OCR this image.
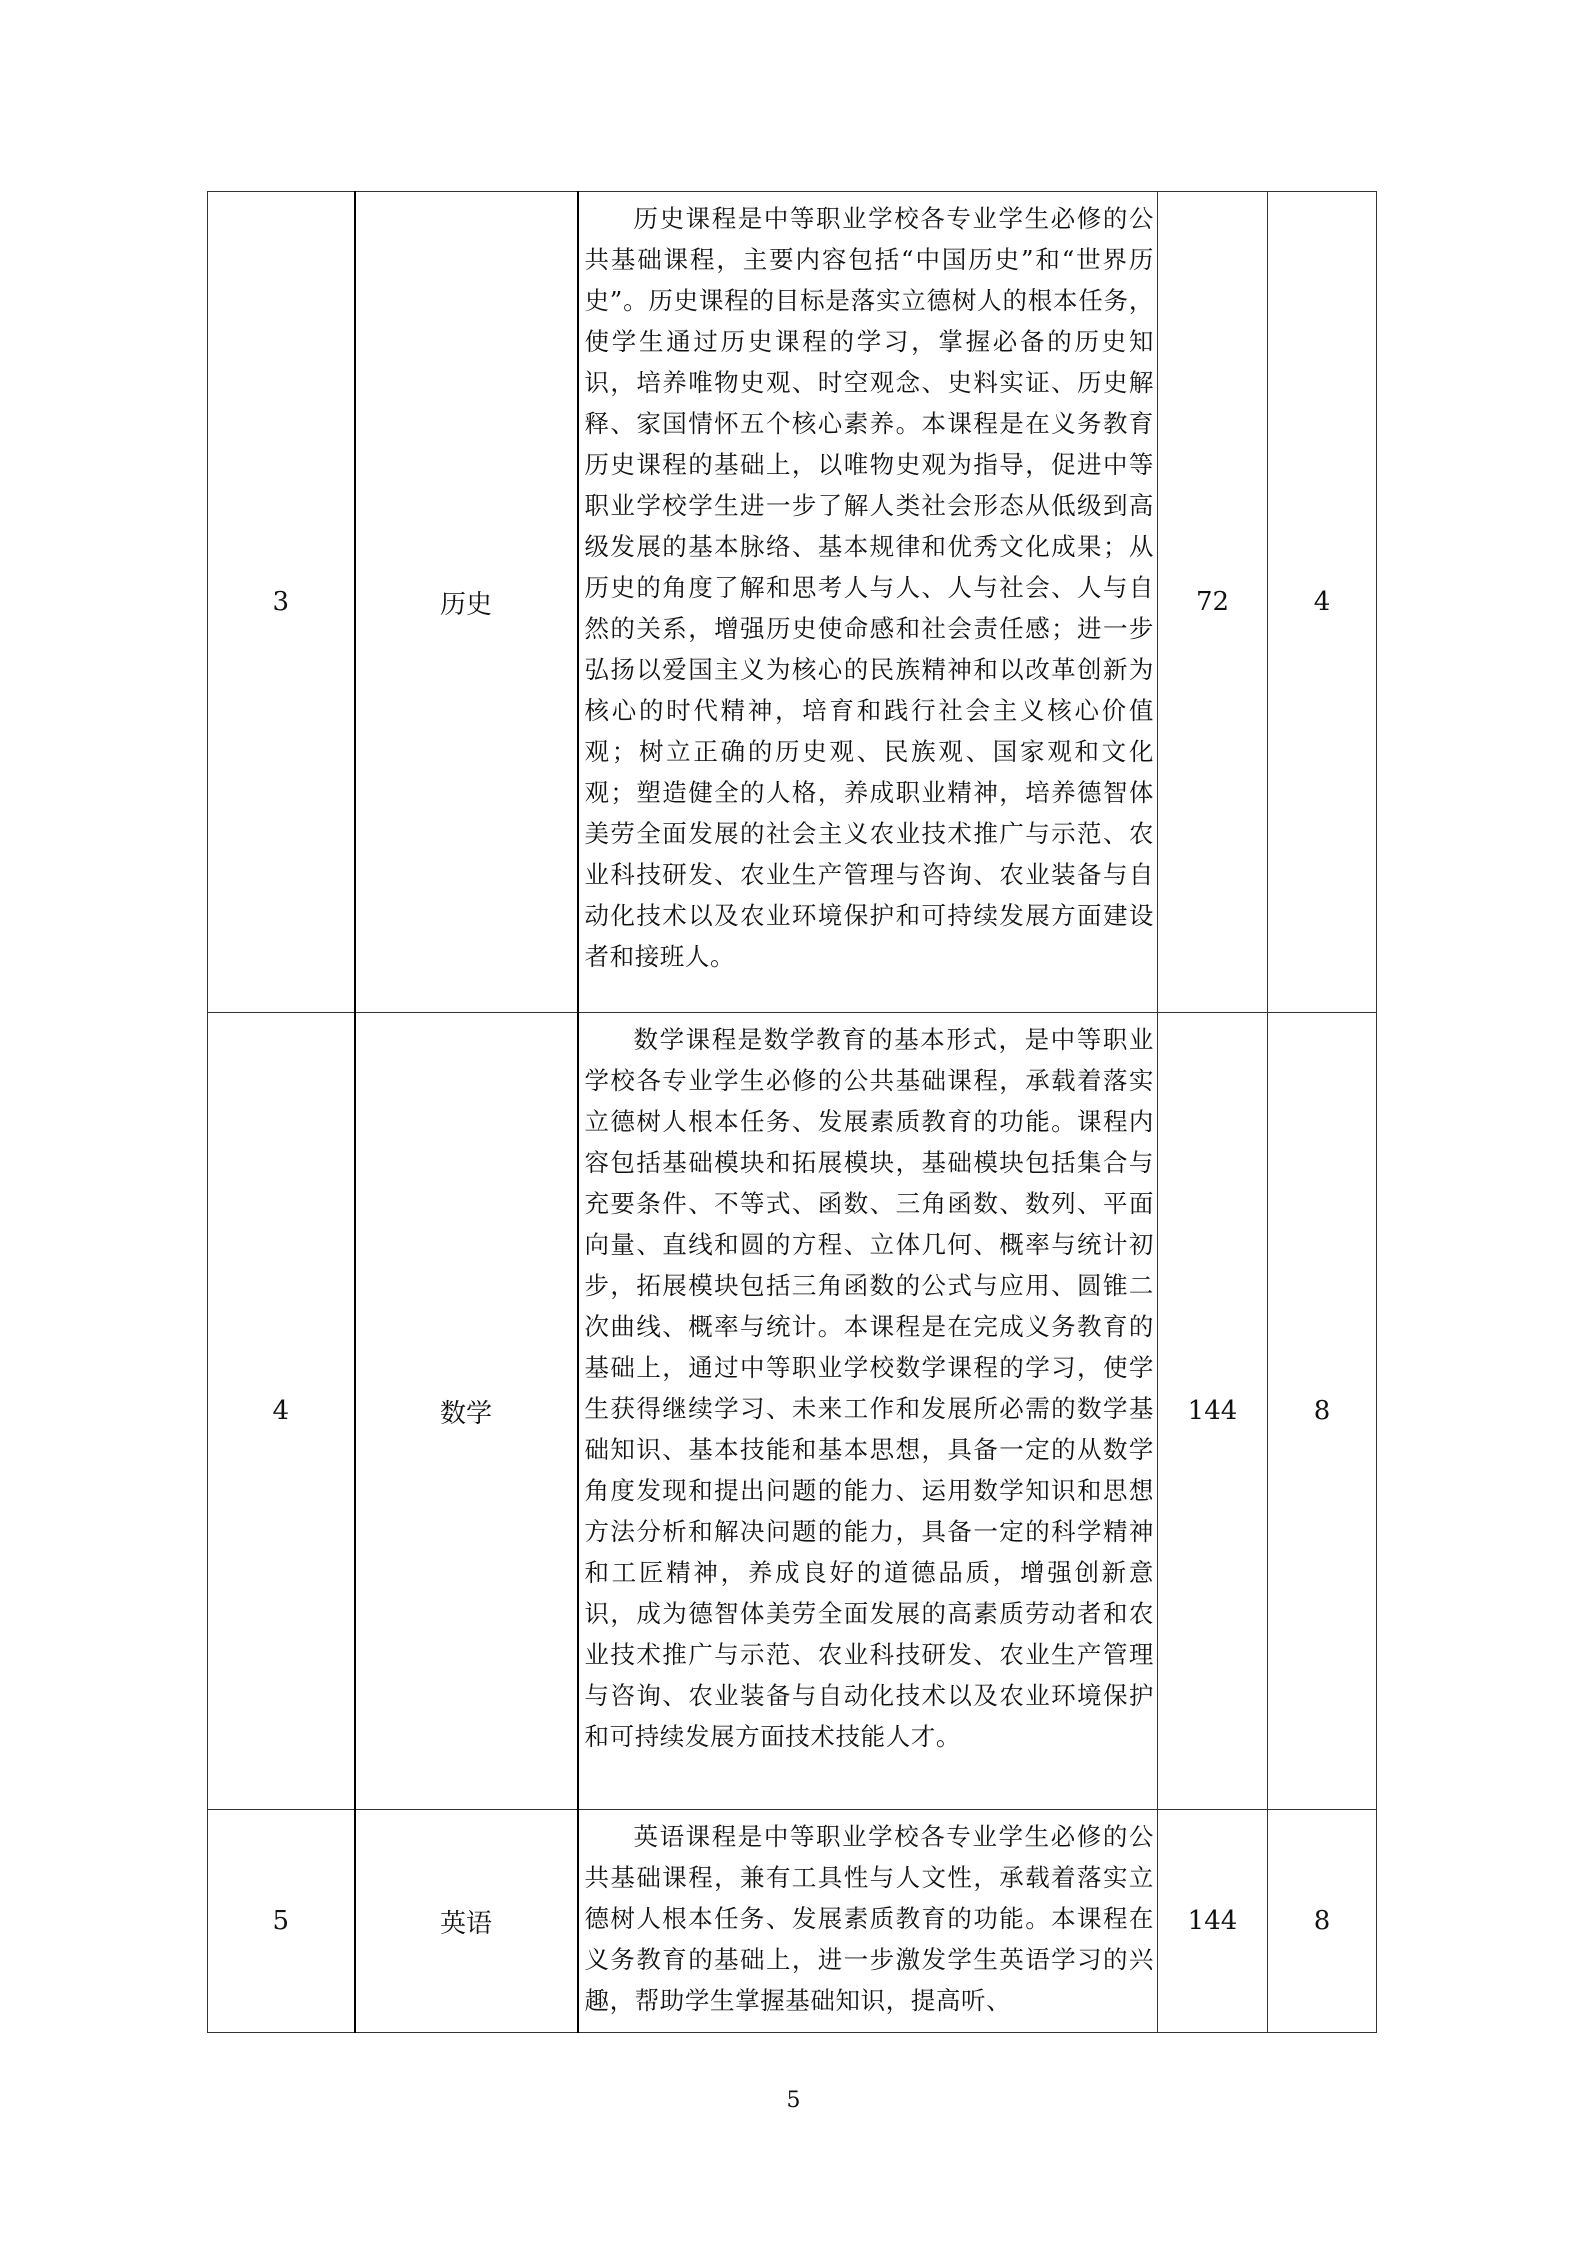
3	历史	历史课程是中等职业学校各专业学生必修的公共基础课程，主要内容包括“中国历史”和“世界历史”。历史课程的目标是落实立德树人的根本任务，使学生通过历史课程的学习，掌握必备的历史知识，培养唯物史观、时空观念、史料实证、历史解释、家国情怀五个核心素养。本课程是在义务教育历史课程的基础上，以唯物史观为指导，促进中等职业学校学生进一步了解人类社会形态从低级到高级发展的基本脉络、基本规律和优秀文化成果；从历史的角度了解和思考人与人、人与社会、人与自然的关系，增强历史使命感和社会责任感；进一步弘扬以爱国主义为核心的民族精神和以改革创新为核心的时代精神，培育和践行社会主义核心价值观；树立正确的历史观、民族观、国家观和文化观；塑造健全的人格，养成职业精神，培养德智体美劳全面发展的社会主义农业技术推广与示范、农业科技研发、农业生产管理与咨询、农业装备与自动化技术以及农业环境保护和可持续发展方面建设者和接班人。	72	4
4	数学	数学课程是数学教育的基本形式，是中等职业学校各专业学生必修的公共基础课程，承载着落实立德树人根本任务、发展素质教育的功能。课程内容包括基础模块和拓展模块，基础模块包括集合与充要条件、不等式、函数、三角函数、数列、平面向量、直线和圆的方程、立体几何、概率与统计初步，拓展模块包括三角函数的公式与应用、圆锥二次曲线、概率与统计。本课程是在完成义务教育的基础上，通过中等职业学校数学课程的学习，使学生获得继续学习、未来工作和发展所必需的数学基础知识、基本技能和基本思想，具备一定的从数学角度发现和提出问题的能力、运用数学知识和思想方法分析和解决问题的能力，具备一定的科学精神和工匠精神，养成良好的道德品质，增强创新意识，成为德智体美劳全面发展的高素质劳动者和农业技术推广与示范、农业科技研发、农业生产管理与咨询、农业装备与自动化技术以及农业环境保护和可持续发展方面技术技能人才。	144	8
5	英语	英语课程是中等职业学校各专业学生必修的公共基础课程，兼有工具性与人文性，承载着落实立德树人根本任务、发展素质教育的功能。本课程在义务教育的基础上，进一步激发学生英语学习的兴趣，帮助学生掌握基础知识，提高听、	144	8
5
